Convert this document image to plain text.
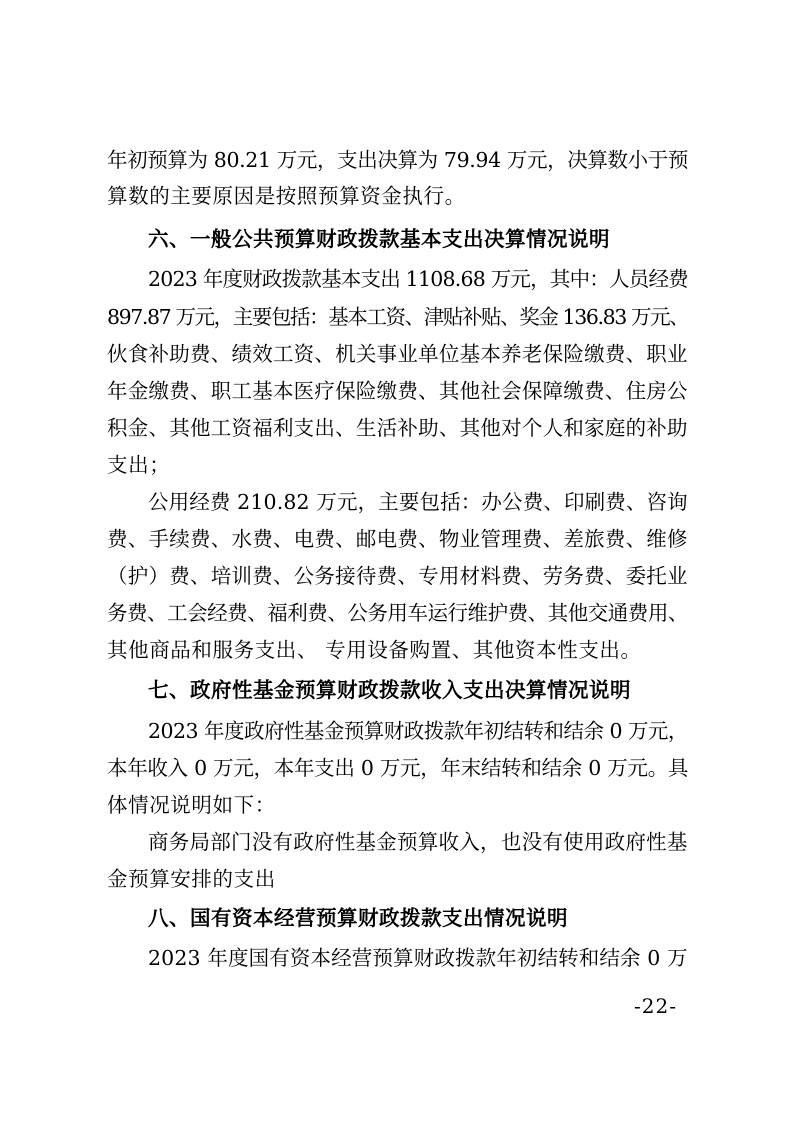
年初预算为 80.21 万元，支出决算为 79.94 万元，决算数小于预
算数的主要原因是按照预算资金执行。
六、一般公共预算财政拨款基本支出决算情况说明
2023 年度财政拨款基本支出 1108.68 万元，其中：人员经费
897.87 万元，主要包括：基本工资、津贴补贴、奖金 136.83 万元、
伙食补助费、绩效工资、机关事业单位基本养老保险缴费、职业
年金缴费、职工基本医疗保险缴费、其他社会保障缴费、住房公
积金、其他工资福利支出、生活补助、其他对个人和家庭的补助
支出；
公用经费 210.82 万元，主要包括：办公费、印刷费、咨询
费、手续费、水费、电费、邮电费、物业管理费、差旅费、维修
（护）费、培训费、公务接待费、专用材料费、劳务费、委托业
务费、工会经费、福利费、公务用车运行维护费、其他交通费用、
其他商品和服务支出、 专用设备购置、其他资本性支出。
七、政府性基金预算财政拨款收入支出决算情况说明
2023 年度政府性基金预算财政拨款年初结转和结余 0 万元，
本年收入 0 万元，本年支出 0 万元，年末结转和结余 0 万元。具
体情况说明如下：
商务局部门没有政府性基金预算收入，也没有使用政府性基
金预算安排的支出
八、国有资本经营预算财政拨款支出情况说明
2023 年度国有资本经营预算财政拨款年初结转和结余 0 万
-22-
